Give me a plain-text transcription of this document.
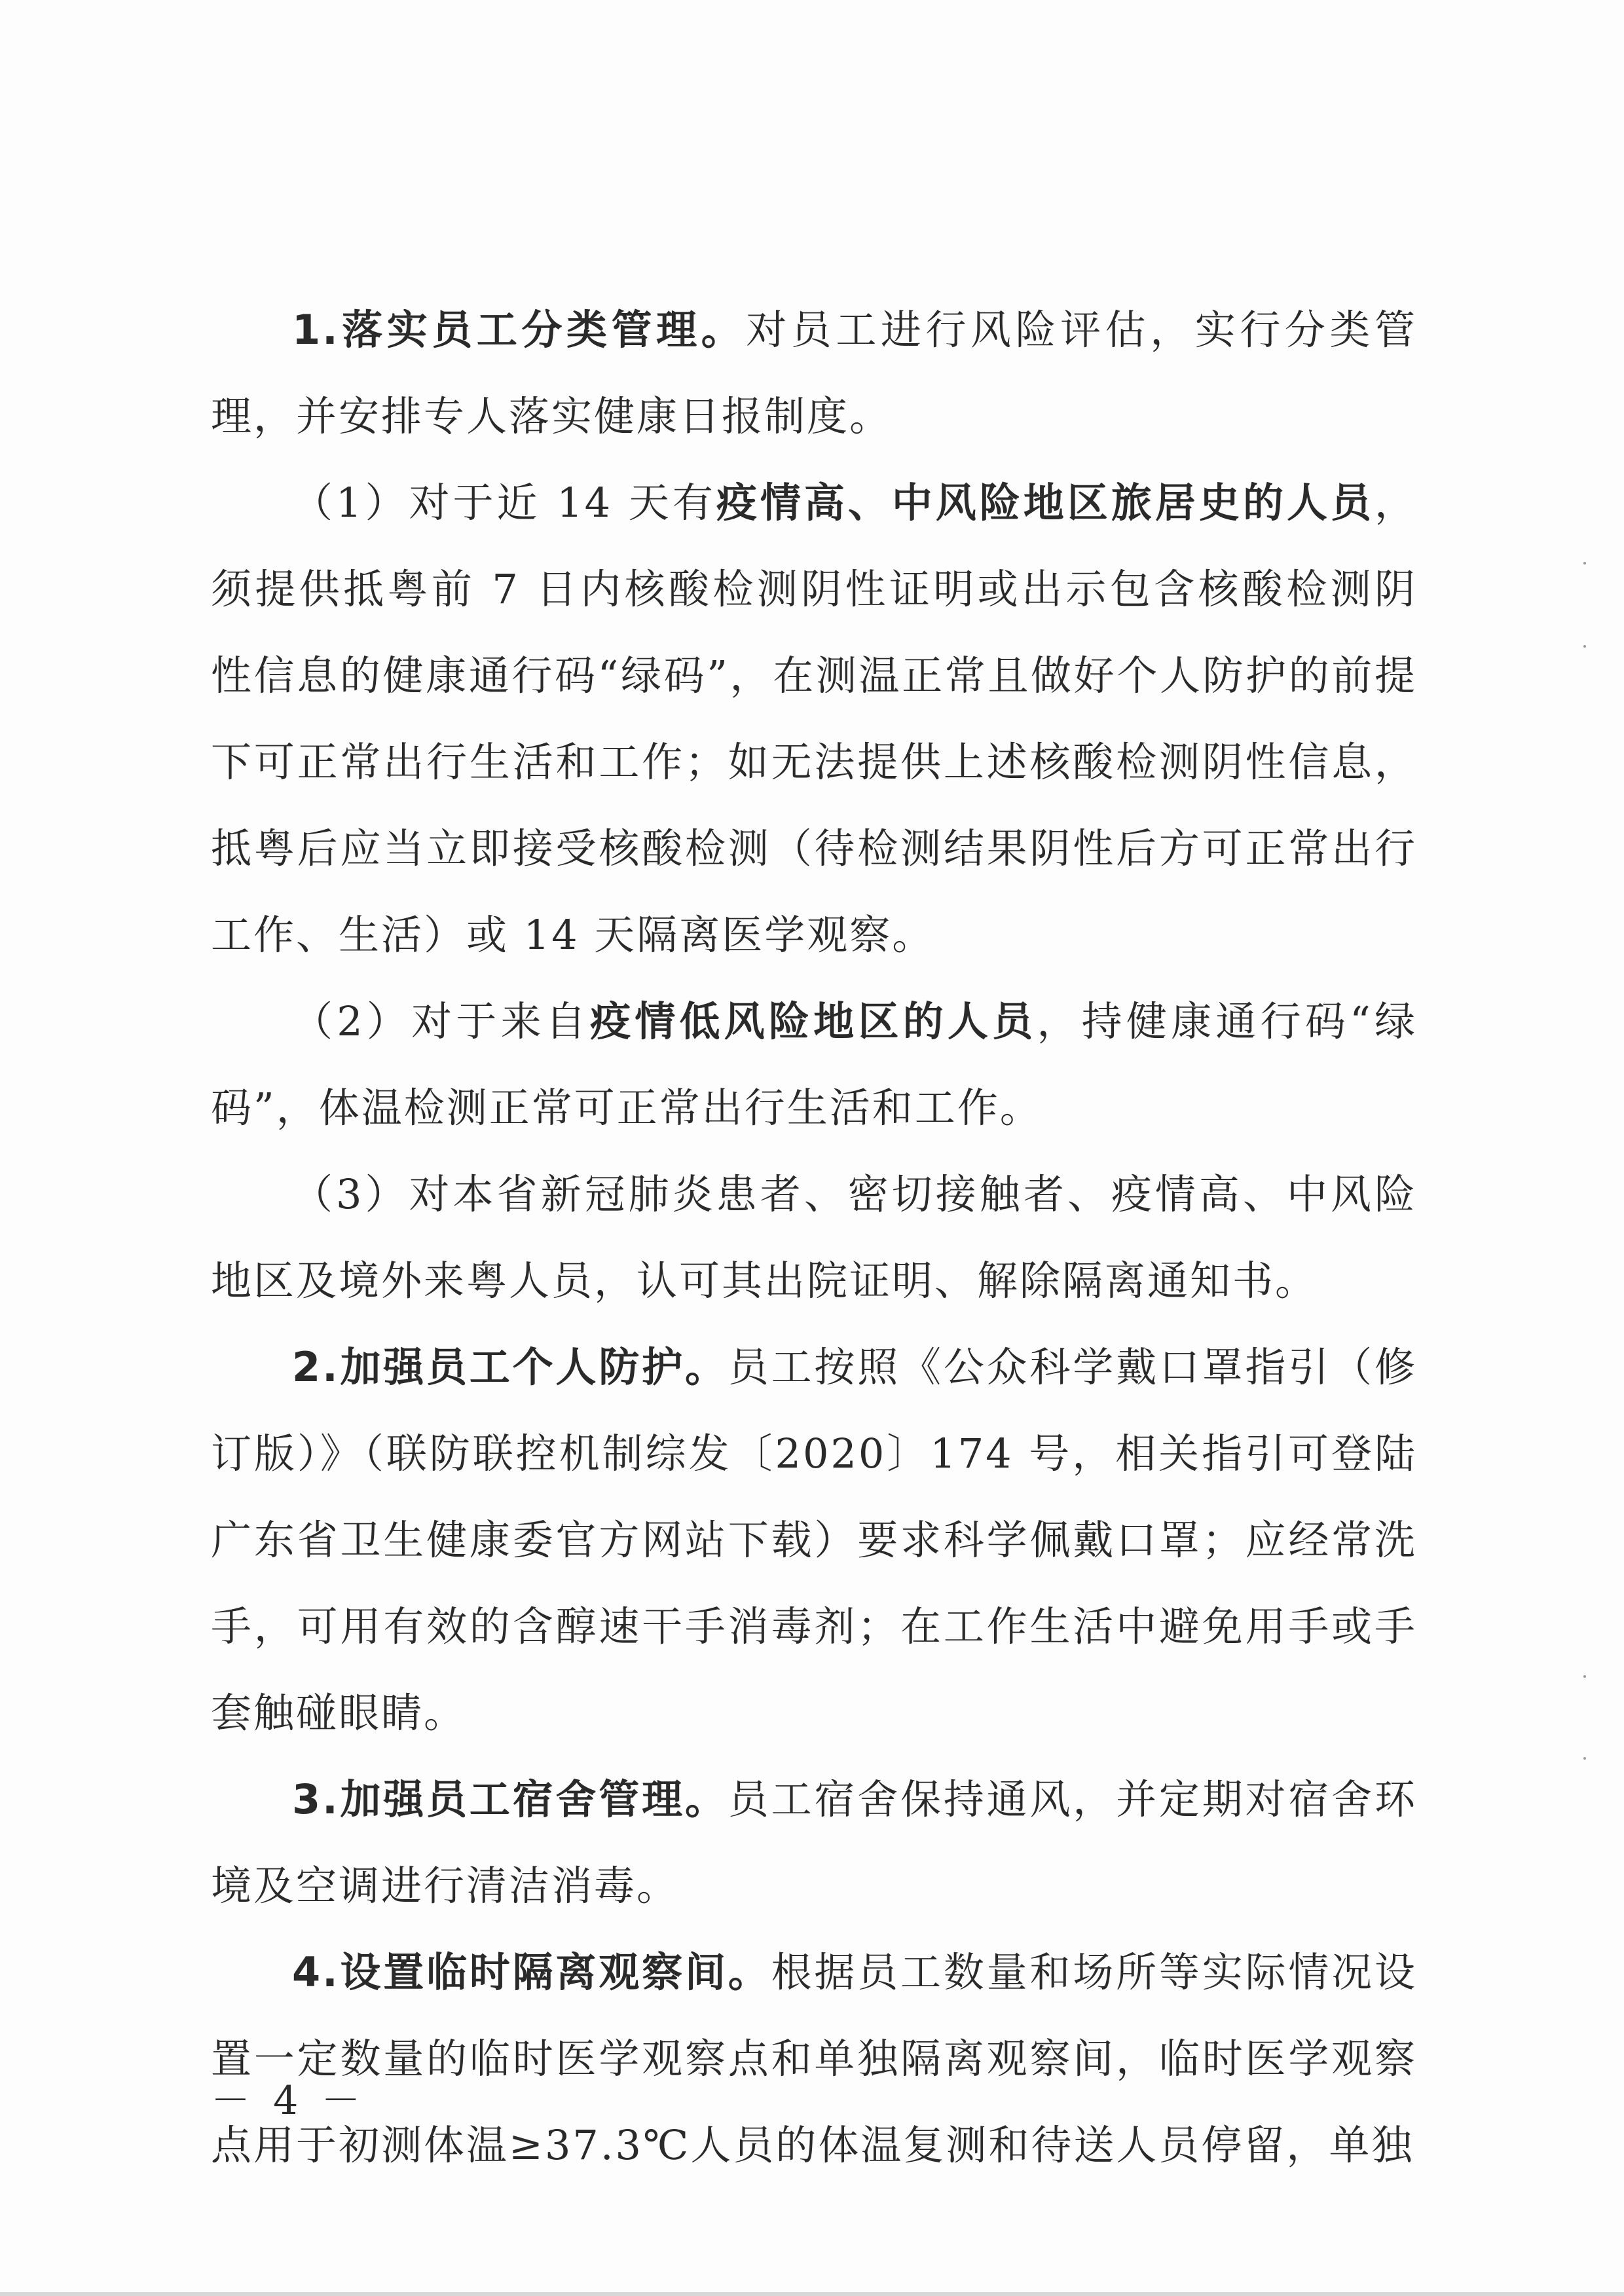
1.落实员工分类管理。对员工进行风险评估，实行分类管理，并安排专人落实健康日报制度。

（1）对于近 14 天有疫情高、中风险地区旅居史的人员，须提供抵粤前 7 日内核酸检测阴性证明或出示包含核酸检测阴性信息的健康通行码“绿码”，在测温正常且做好个人防护的前提下可正常出行生活和工作；如无法提供上述核酸检测阴性信息，抵粤后应当立即接受核酸检测（待检测结果阴性后方可正常出行工作、生活）或 14 天隔离医学观察。

（2）对于来自疫情低风险地区的人员，持健康通行码“绿码”，体温检测正常可正常出行生活和工作。

（3）对本省新冠肺炎患者、密切接触者、疫情高、中风险地区及境外来粤人员，认可其出院证明、解除隔离通知书。

2.加强员工个人防护。员工按照《公众科学戴口罩指引（修订版）》（联防联控机制综发〔2020〕174 号，相关指引可登陆广东省卫生健康委官方网站下载）要求科学佩戴口罩；应经常洗手，可用有效的含醇速干手消毒剂；在工作生活中避免用手或手套触碰眼睛。

3.加强员工宿舍管理。员工宿舍保持通风，并定期对宿舍环境及空调进行清洁消毒。

4.设置临时隔离观察间。根据员工数量和场所等实际情况设置一定数量的临时医学观察点和单独隔离观察间，临时医学观察点用于初测体温≥37.3℃人员的体温复测和待送人员停留，单独

－ 4 －
